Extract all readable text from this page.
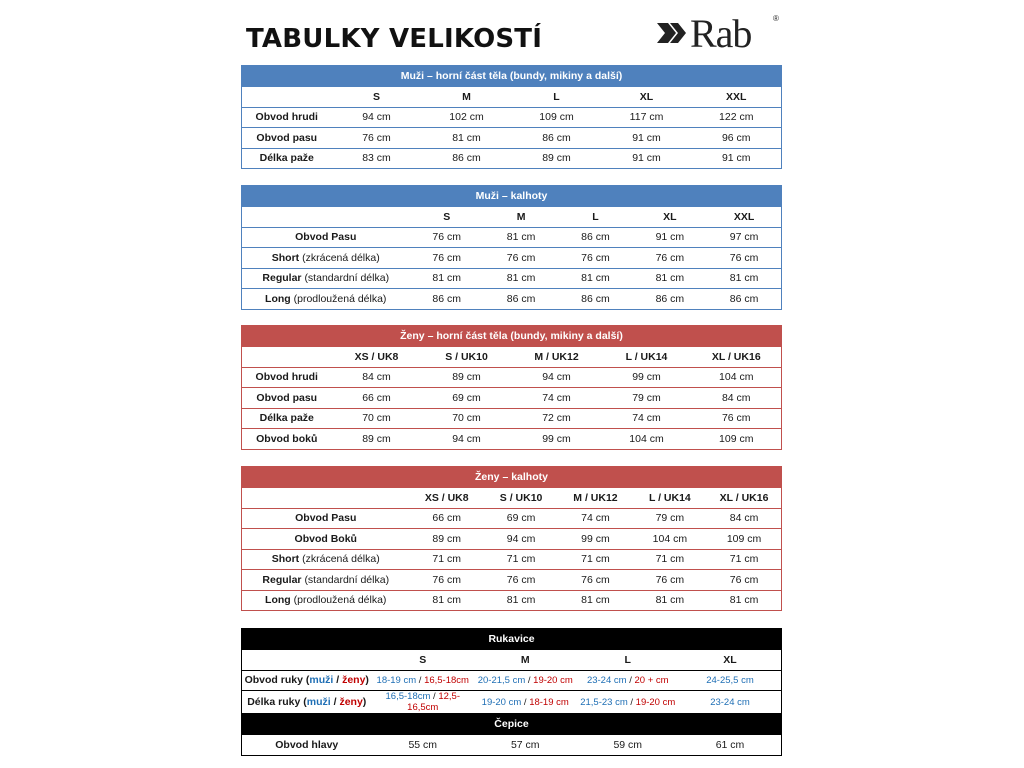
TABULKY VELIKOSTÍ	Rab	®
Muži – horní část těla (bundy, mikiny a další)					
	S	M	L	XL	XXL
Obvod hrudi	94 cm	102 cm	109 cm	117 cm	122 cm
Obvod pasu	76 cm	81 cm	86 cm	91 cm	96 cm
Délka paže	83 cm	86 cm	89 cm	91 cm	91 cm
Muži – kalhoty					
	S	M	L	XL	XXL
Obvod Pasu	76 cm	81 cm	86 cm	91 cm	97 cm
Short (zkrácená délka)	76 cm	76 cm	76 cm	76 cm	76 cm
Regular (standardní délka)	81 cm	81 cm	81 cm	81 cm	81 cm
Long (prodloužená délka)	86 cm	86 cm	86 cm	86 cm	86 cm
Ženy – horní část těla (bundy, mikiny a další)					
	XS / UK8	S / UK10	M / UK12	L / UK14	XL / UK16
Obvod hrudi	84 cm	89 cm	94 cm	99 cm	104 cm
Obvod pasu	66 cm	69 cm	74 cm	79 cm	84 cm
Délka paže	70 cm	70 cm	72 cm	74 cm	76 cm
Obvod boků	89 cm	94 cm	99 cm	104 cm	109 cm
Ženy – kalhoty					
	XS / UK8	S / UK10	M / UK12	L / UK14	XL / UK16
Obvod Pasu	66 cm	69 cm	74 cm	79 cm	84 cm
Obvod Boků	89 cm	94 cm	99 cm	104 cm	109 cm
Short (zkrácená délka)	71 cm	71 cm	71 cm	71 cm	71 cm
Regular (standardní délka)	76 cm	76 cm	76 cm	76 cm	76 cm
Long (prodloužená délka)	81 cm	81 cm	81 cm	81 cm	81 cm
Rukavice				
	S	M	L	XL
Obvod ruky (muži / ženy)	18-19 cm / 16,5-18cm	20-21,5 cm / 19-20 cm	23-24 cm / 20 + cm	24-25,5 cm
Délka ruky (muži / ženy)	16,5-18cm / 12,5-16,5cm	19-20 cm / 18-19 cm	21,5-23 cm / 19-20 cm	23-24 cm
Čepice				
Obvod hlavy	55 cm	57 cm	59 cm	61 cm
